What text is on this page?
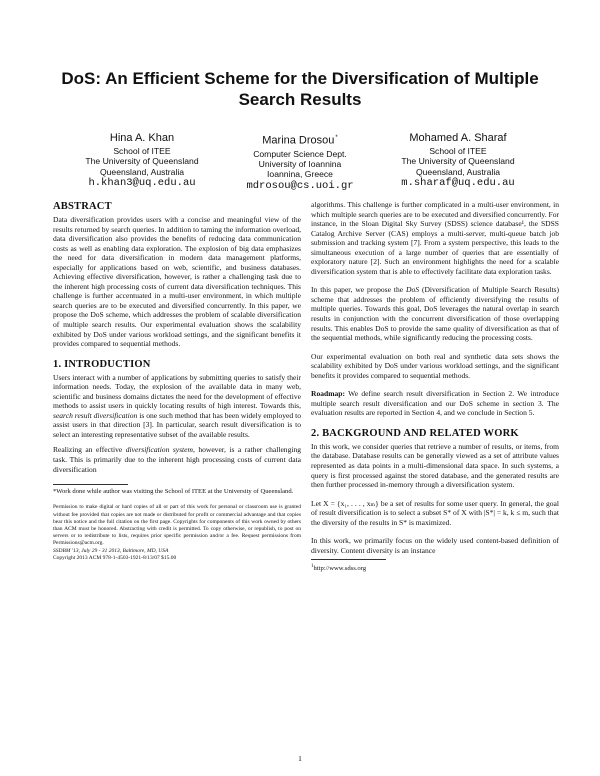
DoS: An Efficient Scheme for the Diversification of Multiple Search Results
Hina A. Khan
School of ITEE
The University of Queensland
Queensland, Australia
h.khan3@uq.edu.au
Marina Drosou*
Computer Science Dept.
University of Ioannina
Ioannina, Greece
mdrosou@cs.uoi.gr
Mohamed A. Sharaf
School of ITEE
The University of Queensland
Queensland, Australia
m.sharaf@uq.edu.au
ABSTRACT

Data diversification provides users with a concise and meaningful view of the results returned by search queries. In addition to taming the information overload, data diversification also provides the benefits of reducing data communication costs as well as enabling data exploration. The explosion of big data emphasizes the need for data diversification in modern data management platforms, especially for applications based on web, scientific, and business databases. Achieving effective diversification, however, is rather a challenging task due to the inherent high processing costs of current data diversification techniques. This challenge is further accentuated in a multi-user environment, in which multiple search queries are to be executed and diversified concurrently. In this paper, we propose the DoS scheme, which addresses the problem of scalable diversification of multiple search results. Our experimental evaluation shows the scalability exhibited by DoS under various workload settings, and the significant benefits it provides compared to sequential methods.

1. INTRODUCTION

Users interact with a number of applications by submitting queries to satisfy their information needs. Today, the explosion of the available data in many web, scientific and business domains dictates the need for the development of effective methods to assist users in quickly locating results of high interest. Towards this, search result diversification is one such method that has been widely employed to assist users in that direction [3]. In particular, search result diversification is to select an interesting representative subset of the available results.

Realizing an effective diversification system, however, is a rather challenging task. This is primarily due to the inherent high processing costs of current data diversification

*Work done while author was visiting the School of ITEE at the University of Queensland.

Permission to make digital or hard copies of all or part of this work for personal or classroom use is granted without fee provided that copies are not made or distributed for profit or commercial advantage and that copies bear this notice and the full citation on the first page. Copyrights for components of this work owned by others than ACM must be honored. Abstracting with credit is permitted. To copy otherwise, or republish, to post on servers or to redistribute to lists, requires prior specific permission and/or a fee. Request permissions from Permissions@acm.org.

SSDBM '13, July 29 - 31 2013, Baltimore, MD, USA

Copyright 2013 ACM 978-1-4503-1921-8/13/07 $15.00

algorithms. This challenge is further complicated in a multi-user environment, in which multiple search queries are to be executed and diversified concurrently. For instance, in the Sloan Digital Sky Survey (SDSS) science database¹, the SDSS Catalog Archive Server (CAS) employs a multi-server, multi-queue batch job submission and tracking system [7]. From a system perspective, this leads to the simultaneous execution of a large number of queries that are essentially of exploratory nature [2]. Such an environment highlights the need for a scalable diversification system that is able to effectively facilitate data exploration tasks.

In this paper, we propose the DoS (Diversification of Multiple Search Results) scheme that addresses the problem of efficiently diversifying the results of multiple queries. Towards this goal, DoS leverages the natural overlap in search results in conjunction with the concurrent diversification of those overlapping results. This enables DoS to provide the same quality of diversification as that of the sequential methods, while significantly reducing the processing costs.

Our experimental evaluation on both real and synthetic data sets shows the scalability exhibited by DoS under various workload settings, and the significant benefits it provides compared to sequential methods.

Roadmap: We define search result diversification in Section 2. We introduce multiple search result diversification and our DoS scheme in section 3. The evaluation results are reported in Section 4, and we conclude in Section 5.

2. BACKGROUND AND RELATED WORK

In this work, we consider queries that retrieve a number of results, or items, from the database. Database results can be generally viewed as a set of attribute values represented as data points in a multi-dimensional data space. In such systems, a query is first processed against the stored database, and the generated results are then further processed in-memory through a diversification system.

Let X = {x₁, . . . , xₘ} be a set of results for some user query. In general, the goal of result diversification is to select a subset S* of X with |S*| = k, k ≤ m, such that the diversity of the results in S* is maximized.

In this work, we primarily focus on the widely used content-based definition of diversity. Content diversity is an instance

$^1$http://www.sdss.org

1
